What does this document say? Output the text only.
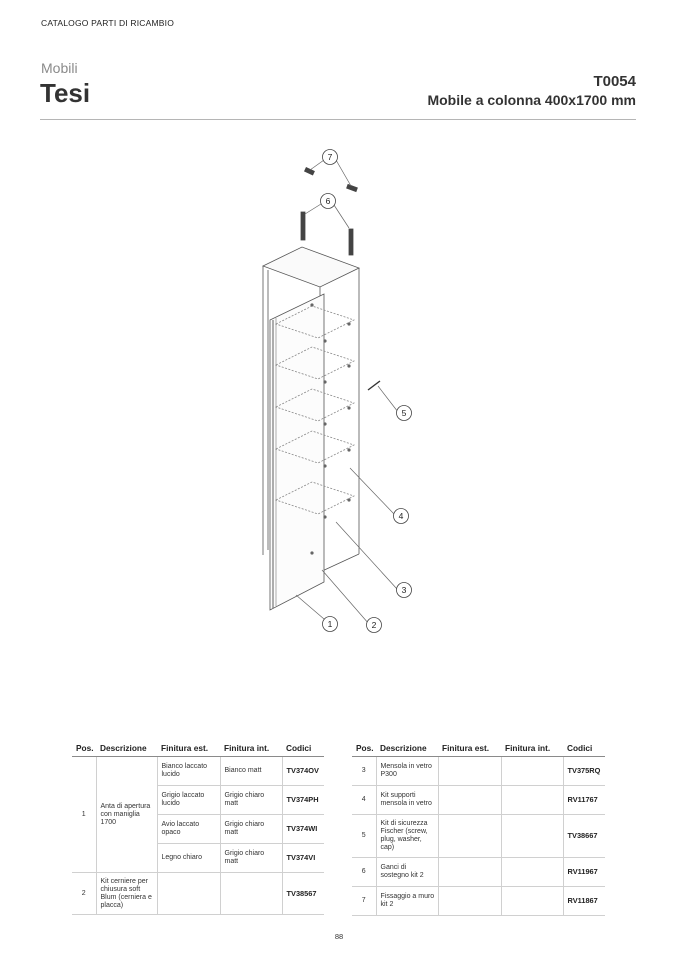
CATALOGO PARTI DI RICAMBIO
Mobili
Tesi	T0054
Mobile a colonna 400x1700 mm
7
6
5
4
3
1	2
Pos.	Descrizione	Finitura est.	Finitura int.	Codici
1	Anta di apertura con maniglia 1700	Bianco laccato lucido	Bianco matt	TV374OV
		Grigio laccato lucido	Grigio chiaro matt	TV374PH
		Avio laccato opaco	Grigio chiaro matt	TV374WI
		Legno chiaro	Grigio chiaro matt	TV374VI
2	Kit cerniere per chiusura soft Blum (cerniera e placca)			TV38567
Pos.	Descrizione	Finitura est.	Finitura int.	Codici
3	Mensola in vetro P300			TV375RQ
4	Kit supporti mensola in vetro			RV11767
5	Kit di sicurezza Fischer (screw, plug, washer, cap)			TV38667
6	Ganci di sostegno kit 2			RV11967
7	Fissaggio a muro kit 2			RV11867
88
